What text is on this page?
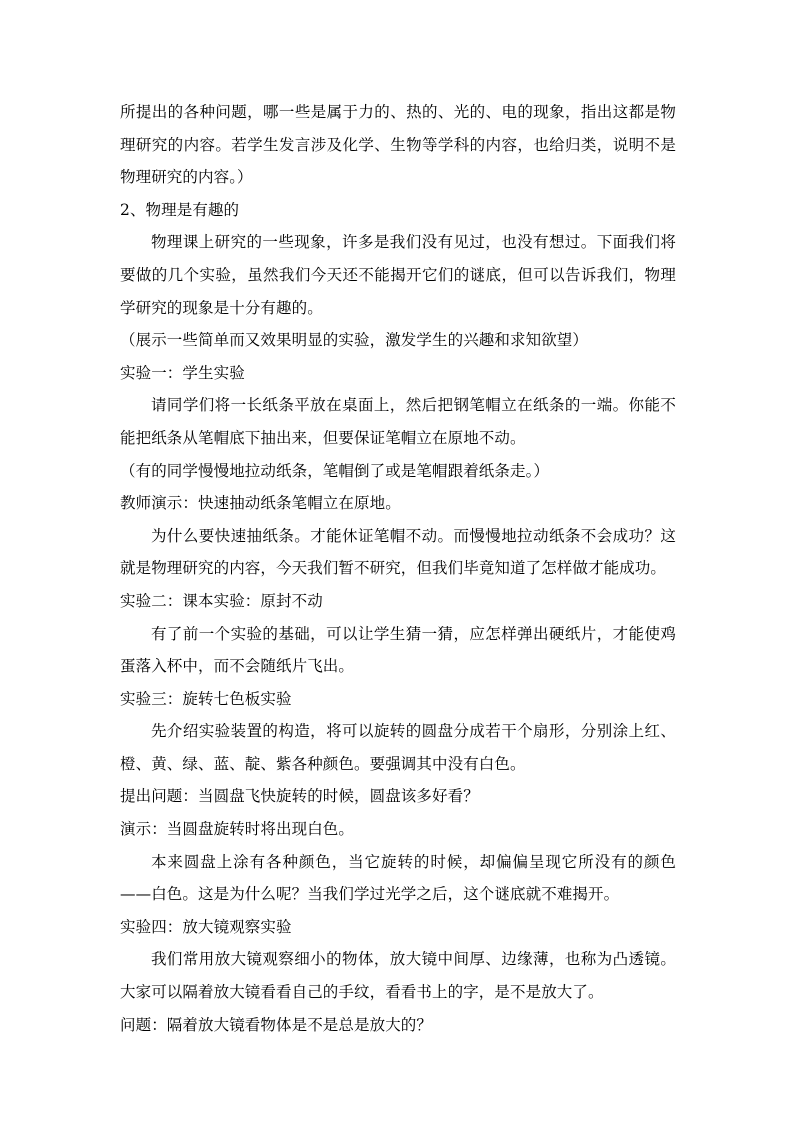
所提出的各种问题，哪一些是属于力的、热的、光的、电的现象，指出这都是物理研究的内容。若学生发言涉及化学、生物等学科的内容，也给归类，说明不是物理研究的内容。）

2、物理是有趣的

物理课上研究的一些现象，许多是我们没有见过，也没有想过。下面我们将要做的几个实验，虽然我们今天还不能揭开它们的谜底，但可以告诉我们，物理学研究的现象是十分有趣的。

（展示一些简单而又效果明显的实验，激发学生的兴趣和求知欲望）

实验一：学生实验

请同学们将一长纸条平放在桌面上，然后把钢笔帽立在纸条的一端。你能不能把纸条从笔帽底下抽出来，但要保证笔帽立在原地不动。

（有的同学慢慢地拉动纸条，笔帽倒了或是笔帽跟着纸条走。）

教师演示：快速抽动纸条笔帽立在原地。

为什么要快速抽纸条。才能休证笔帽不动。而慢慢地拉动纸条不会成功？这就是物理研究的内容，今天我们暂不研究，但我们毕竟知道了怎样做才能成功。

实验二：课本实验：原封不动

有了前一个实验的基础，可以让学生猜一猜，应怎样弹出硬纸片，才能使鸡蛋落入杯中，而不会随纸片飞出。

实验三：旋转七色板实验

先介绍实验装置的构造，将可以旋转的圆盘分成若干个扇形，分别涂上红、橙、黄、绿、蓝、靛、紫各种颜色。要强调其中没有白色。

提出问题：当圆盘飞快旋转的时候，圆盘该多好看？

演示：当圆盘旋转时将出现白色。

本来圆盘上涂有各种颜色，当它旋转的时候，却偏偏呈现它所没有的颜色——白色。这是为什么呢？当我们学过光学之后，这个谜底就不难揭开。

实验四：放大镜观察实验

我们常用放大镜观察细小的物体，放大镜中间厚、边缘薄，也称为凸透镜。大家可以隔着放大镜看看自己的手纹，看看书上的字，是不是放大了。

问题：隔着放大镜看物体是不是总是放大的？
